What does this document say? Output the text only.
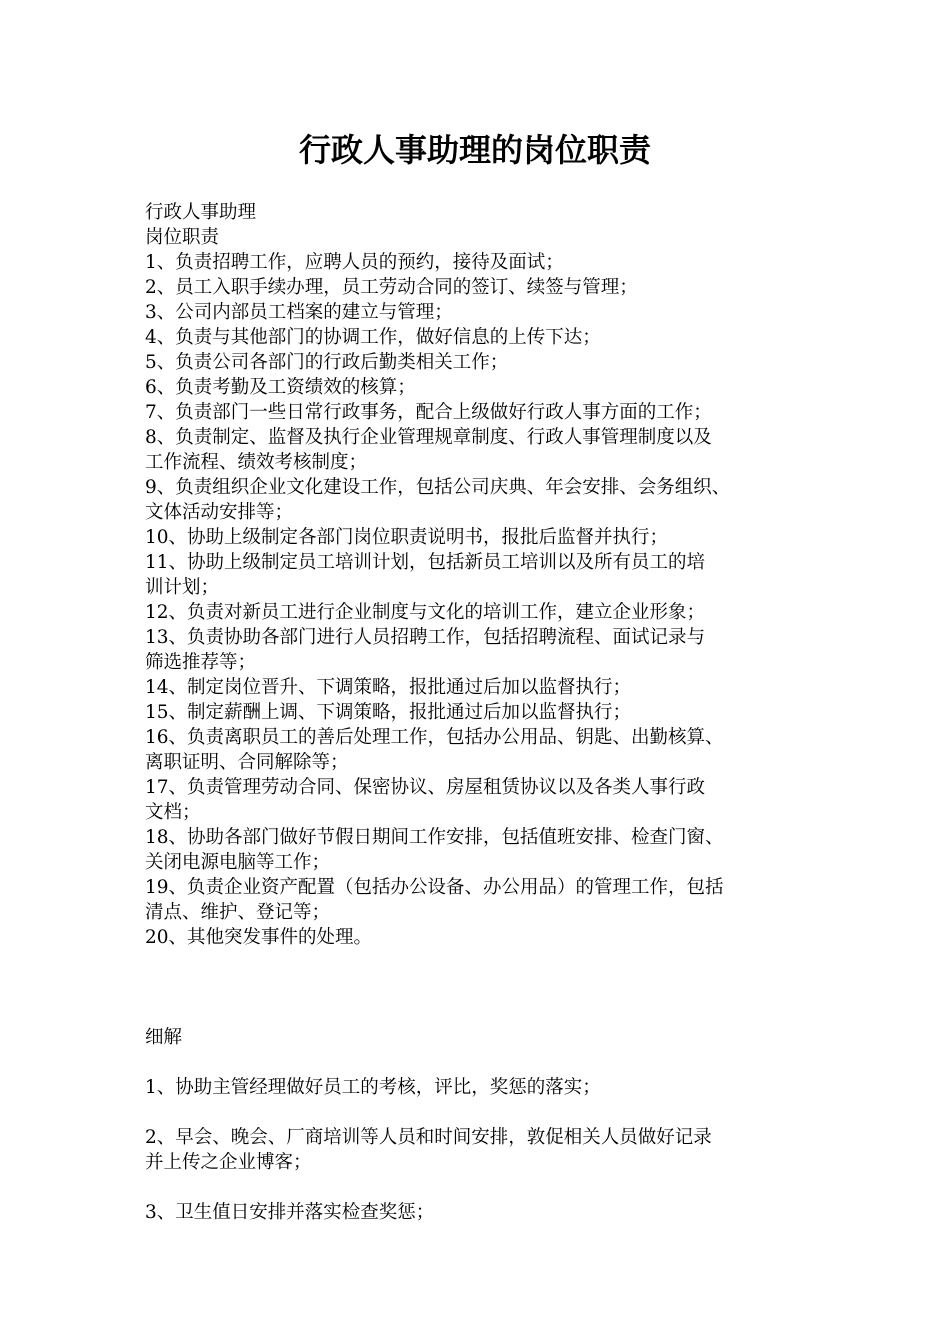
行政人事助理的岗位职责
行政人事助理
岗位职责
1、负责招聘工作，应聘人员的预约，接待及面试；
2、员工入职手续办理，员工劳动合同的签订、续签与管理；
3、公司内部员工档案的建立与管理；
4、负责与其他部门的协调工作，做好信息的上传下达；
5、负责公司各部门的行政后勤类相关工作；
6、负责考勤及工资绩效的核算；
7、负责部门一些日常行政事务，配合上级做好行政人事方面的工作；
8、负责制定、监督及执行企业管理规章制度、行政人事管理制度以及
工作流程、绩效考核制度；
9、负责组织企业文化建设工作，包括公司庆典、年会安排、会务组织、
文体活动安排等；
10、协助上级制定各部门岗位职责说明书，报批后监督并执行；
11、协助上级制定员工培训计划，包括新员工培训以及所有员工的培
训计划；
12、负责对新员工进行企业制度与文化的培训工作，建立企业形象；
13、负责协助各部门进行人员招聘工作，包括招聘流程、面试记录与
筛选推荐等；
14、制定岗位晋升、下调策略，报批通过后加以监督执行；
15、制定薪酬上调、下调策略，报批通过后加以监督执行；
16、负责离职员工的善后处理工作，包括办公用品、钥匙、出勤核算、
离职证明、合同解除等；
17、负责管理劳动合同、保密协议、房屋租赁协议以及各类人事行政
文档；
18、协助各部门做好节假日期间工作安排，包括值班安排、检查门窗、
关闭电源电脑等工作；
19、负责企业资产配置（包括办公设备、办公用品）的管理工作，包括
清点、维护、登记等；
20、其他突发事件的处理。
细解
1、协助主管经理做好员工的考核，评比，奖惩的落实；
2、早会、晚会、厂商培训等人员和时间安排，敦促相关人员做好记录
并上传之企业博客；
3、卫生值日安排并落实检查奖惩；
